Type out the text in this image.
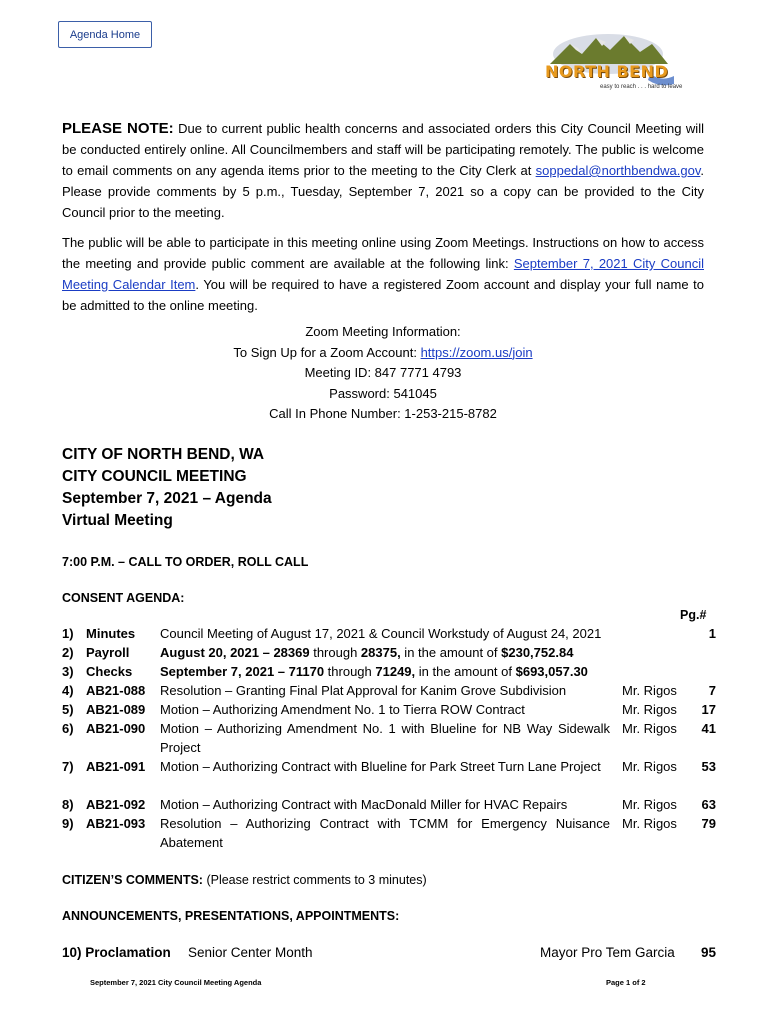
Agenda Home
NORTH BEND
easy to reach . . . hard to leave
PLEASE NOTE: Due to current public health concerns and associated orders this City Council Meeting will be conducted entirely online. All Councilmembers and staff will be participating remotely. The public is welcome to email comments on any agenda items prior to the meeting to the City Clerk at soppedal@northbendwa.gov. Please provide comments by 5 p.m., Tuesday, September 7, 2021 so a copy can be provided to the City Council prior to the meeting.
The public will be able to participate in this meeting online using Zoom Meetings. Instructions on how to access the meeting and provide public comment are available at the following link: September 7, 2021 City Council Meeting Calendar Item. You will be required to have a registered Zoom account and display your full name to be admitted to the online meeting.
Zoom Meeting Information:
To Sign Up for a Zoom Account: https://zoom.us/join
Meeting ID: 847 7771 4793
Password: 541045
Call In Phone Number: 1-253-215-8782
CITY OF NORTH BEND, WA
CITY COUNCIL MEETING
September 7, 2021 – Agenda
Virtual Meeting
7:00 P.M. – CALL TO ORDER, ROLL CALL
CONSENT AGENDA:
Pg.#
1) Minutes Council Meeting of August 17, 2021 & Council Workstudy of August 24, 2021	1
2) Payroll August 20, 2021 – 28369 through 28375, in the amount of $230,752.84
3) Checks September 7, 2021 – 71170 through 71249, in the amount of $693,057.30
4) AB21-088 Resolution – Granting Final Plat Approval for Kanim Grove Subdivision	Mr. Rigos 7
5) AB21-089 Motion – Authorizing Amendment No. 1 to Tierra ROW Contract	Mr. Rigos 17
6) AB21-090 Motion – Authorizing Amendment No. 1 with Blueline for NB Way Sidewalk Project
Mr. Rigos 41
7) AB21-091 Motion – Authorizing Contract with Blueline for Park Street Turn Lane Project	Mr. Rigos 53
8) AB21-092 Motion – Authorizing Contract with MacDonald Miller for HVAC Repairs	Mr. Rigos 63
9) AB21-093 Resolution – Authorizing Contract with TCMM for Emergency Nuisance Abatement
Mr. Rigos 79
CITIZEN’S COMMENTS: (Please restrict comments to 3 minutes)
ANNOUNCEMENTS, PRESENTATIONS, APPOINTMENTS:
10) Proclamation Senior Center Month	Mayor Pro Tem Garcia 95
September 7, 2021 City Council Meeting Agenda	Page 1 of 2
